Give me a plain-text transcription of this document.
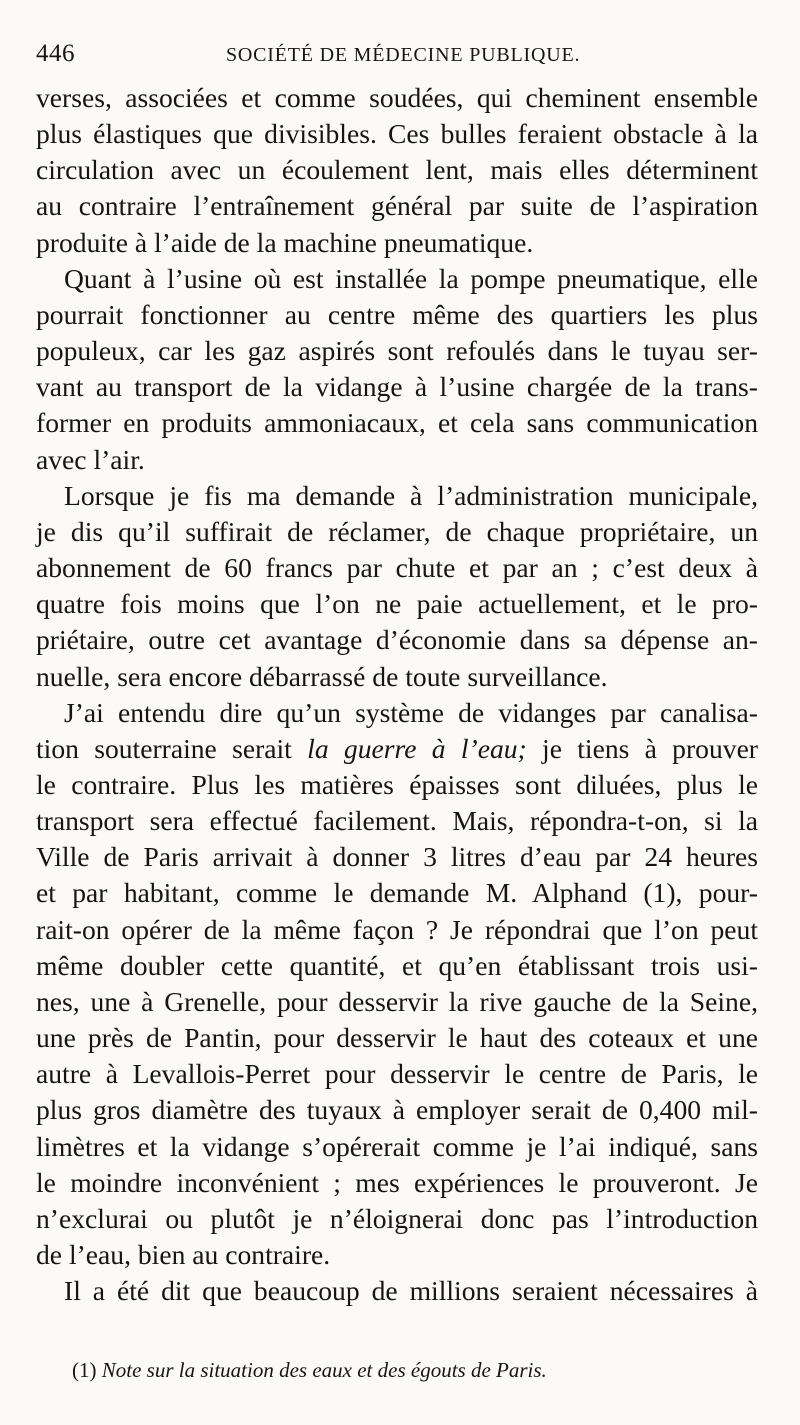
446	SOCIÉTÉ DE MÉDECINE PUBLIQUE.
verses, associées et comme soudées, qui cheminent ensemble
plus élastiques que divisibles. Ces bulles feraient obstacle à la
circulation avec un écoulement lent, mais elles déterminent
au contraire l’entraînement général par suite de l’aspiration
produite à l’aide de la machine pneumatique.
Quant à l’usine où est installée la pompe pneumatique, elle
pourrait fonctionner au centre même des quartiers les plus
populeux, car les gaz aspirés sont refoulés dans le tuyau ser-
vant au transport de la vidange à l’usine chargée de la trans-
former en produits ammoniacaux, et cela sans communication
avec l’air.
Lorsque je fis ma demande à l’administration municipale,
je dis qu’il suffirait de réclamer, de chaque propriétaire, un
abonnement de 60 francs par chute et par an ; c’est deux à
quatre fois moins que l’on ne paie actuellement, et le pro-
priétaire, outre cet avantage d’économie dans sa dépense an-
nuelle, sera encore débarrassé de toute surveillance.
J’ai entendu dire qu’un système de vidanges par canalisa-
tion souterraine serait la guerre à l’eau; je tiens à prouver
le contraire. Plus les matières épaisses sont diluées, plus le
transport sera effectué facilement. Mais, répondra-t-on, si la
Ville de Paris arrivait à donner 3 litres d’eau par 24 heures
et par habitant, comme le demande M. Alphand (1), pour-
rait-on opérer de la même façon ? Je répondrai que l’on peut
même doubler cette quantité, et qu’en établissant trois usi-
nes, une à Grenelle, pour desservir la rive gauche de la Seine,
une près de Pantin, pour desservir le haut des coteaux et une
autre à Levallois-Perret pour desservir le centre de Paris, le
plus gros diamètre des tuyaux à employer serait de 0,400 mil-
limètres et la vidange s’opérerait comme je l’ai indiqué, sans
le moindre inconvénient ; mes expériences le prouveront. Je
n’exclurai ou plutôt je n’éloignerai donc pas l’introduction
de l’eau, bien au contraire.
Il a été dit que beaucoup de millions seraient nécessaires à
(1) Note sur la situation des eaux et des égouts de Paris.
